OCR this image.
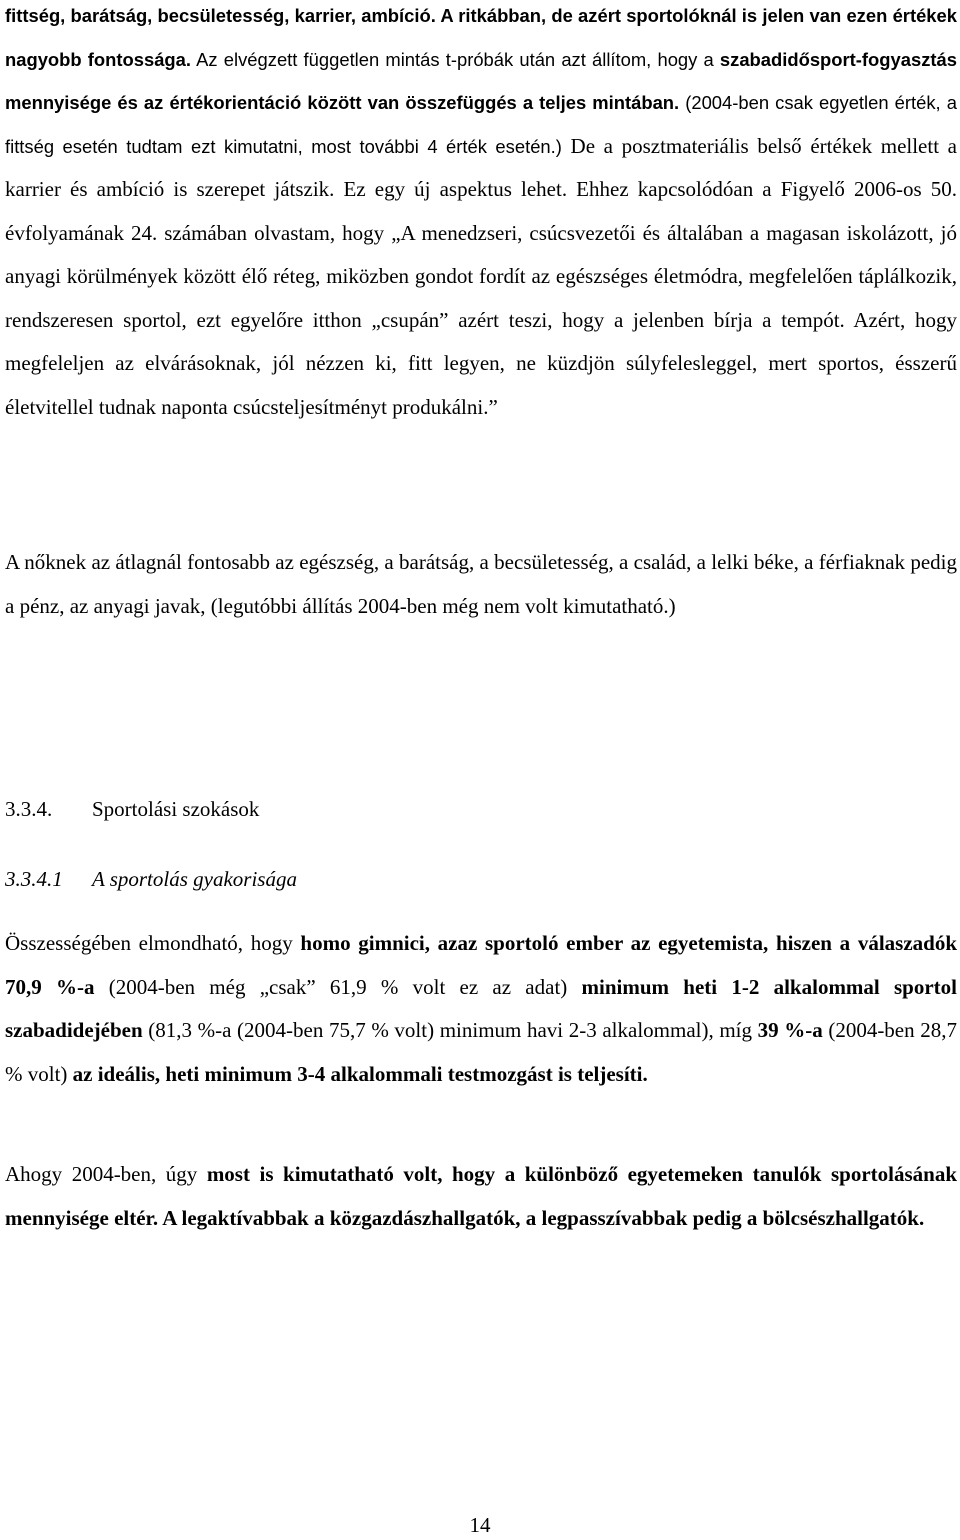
fittség, barátság, becsületesség, karrier, ambíció. A ritkábban, de azért sportolóknál is jelen van ezen értékek nagyobb fontossága. Az elvégzett független mintás t-próbák után azt állítom, hogy a szabadidősport-fogyasztás mennyisége és az értékorientáció között van összefüggés a teljes mintában. (2004-ben csak egyetlen érték, a fittség esetén tudtam ezt kimutatni, most további 4 érték esetén.) De a posztmateriális belső értékek mellett a karrier és ambíció is szerepet játszik. Ez egy új aspektus lehet. Ehhez kapcsolódóan a Figyelő 2006-os 50. évfolyamának 24. számában olvastam, hogy „A menedzseri, csúcsvezetői és általában a magasan iskolázott, jó anyagi körülmények között élő réteg, miközben gondot fordít az egészséges életmódra, megfelelően táplálkozik, rendszeresen sportol, ezt egyelőre itthon „csupán” azért teszi, hogy a jelenben bírja a tempót. Azért, hogy megfeleljen az elvárásoknak, jól nézzen ki, fitt legyen, ne küzdjön súlyfelesleggel, mert sportos, ésszerű életvitellel tudnak naponta csúcsteljesítményt produkálni.”

A nőknek az átlagnál fontosabb az egészség, a barátság, a becsületesség, a család, a lelki béke, a férfiaknak pedig a pénz, az anyagi javak, (legutóbbi állítás 2004-ben még nem volt kimutatható.)

3.3.4. Sportolási szokások

3.3.4.1 A sportolás gyakorisága

Összességében elmondható, hogy homo gimnici, azaz sportoló ember az egyetemista, hiszen a válaszadók 70,9 %-a (2004-ben még „csak” 61,9 % volt ez az adat) minimum heti 1-2 alkalommal sportol szabadidejében (81,3 %-a (2004-ben 75,7 % volt) minimum havi 2-3 alkalommal), míg 39 %-a (2004-ben 28,7 % volt) az ideális, heti minimum 3-4 alkalommali testmozgást is teljesíti.

Ahogy 2004-ben, úgy most is kimutatható volt, hogy a különböző egyetemeken tanulók sportolásának mennyisége eltér. A legaktívabbak a közgazdászhallgatók, a legpasszívabbak pedig a bölcsészhallgatók.

14
